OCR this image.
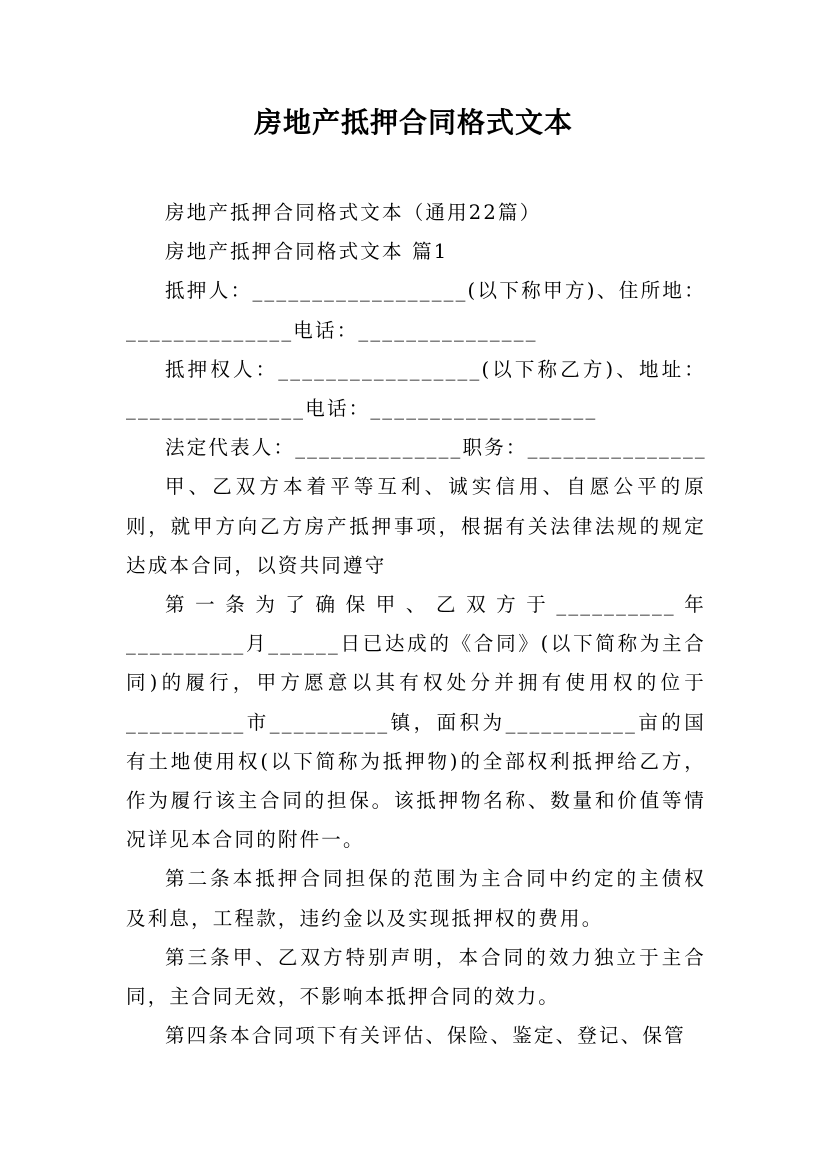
房地产抵押合同格式文本

房地产抵押合同格式文本（通用22篇）

房地产抵押合同格式文本 篇1

抵押人：__________________(以下称甲方)、住所地：______________电话：_______________

抵押权人：_________________(以下称乙方)、地址：_______________电话：___________________

法定代表人：______________职务：_______________

甲、乙双方本着平等互利、诚实信用、自愿公平的原则，就甲方向乙方房产抵押事项，根据有关法律法规的规定达成本合同，以资共同遵守

第一条为了确保甲、乙双方于__________年__________月______日已达成的《合同》(以下简称为主合同)的履行，甲方愿意以其有权处分并拥有使用权的位于__________市__________镇，面积为___________亩的国有土地使用权(以下简称为抵押物)的全部权利抵押给乙方，作为履行该主合同的担保。该抵押物名称、数量和价值等情况详见本合同的附件一。

第二条本抵押合同担保的范围为主合同中约定的主债权及利息，工程款，违约金以及实现抵押权的费用。

第三条甲、乙双方特别声明，本合同的效力独立于主合同，主合同无效，不影响本抵押合同的效力。

第四条本合同项下有关评估、保险、鉴定、登记、保管
